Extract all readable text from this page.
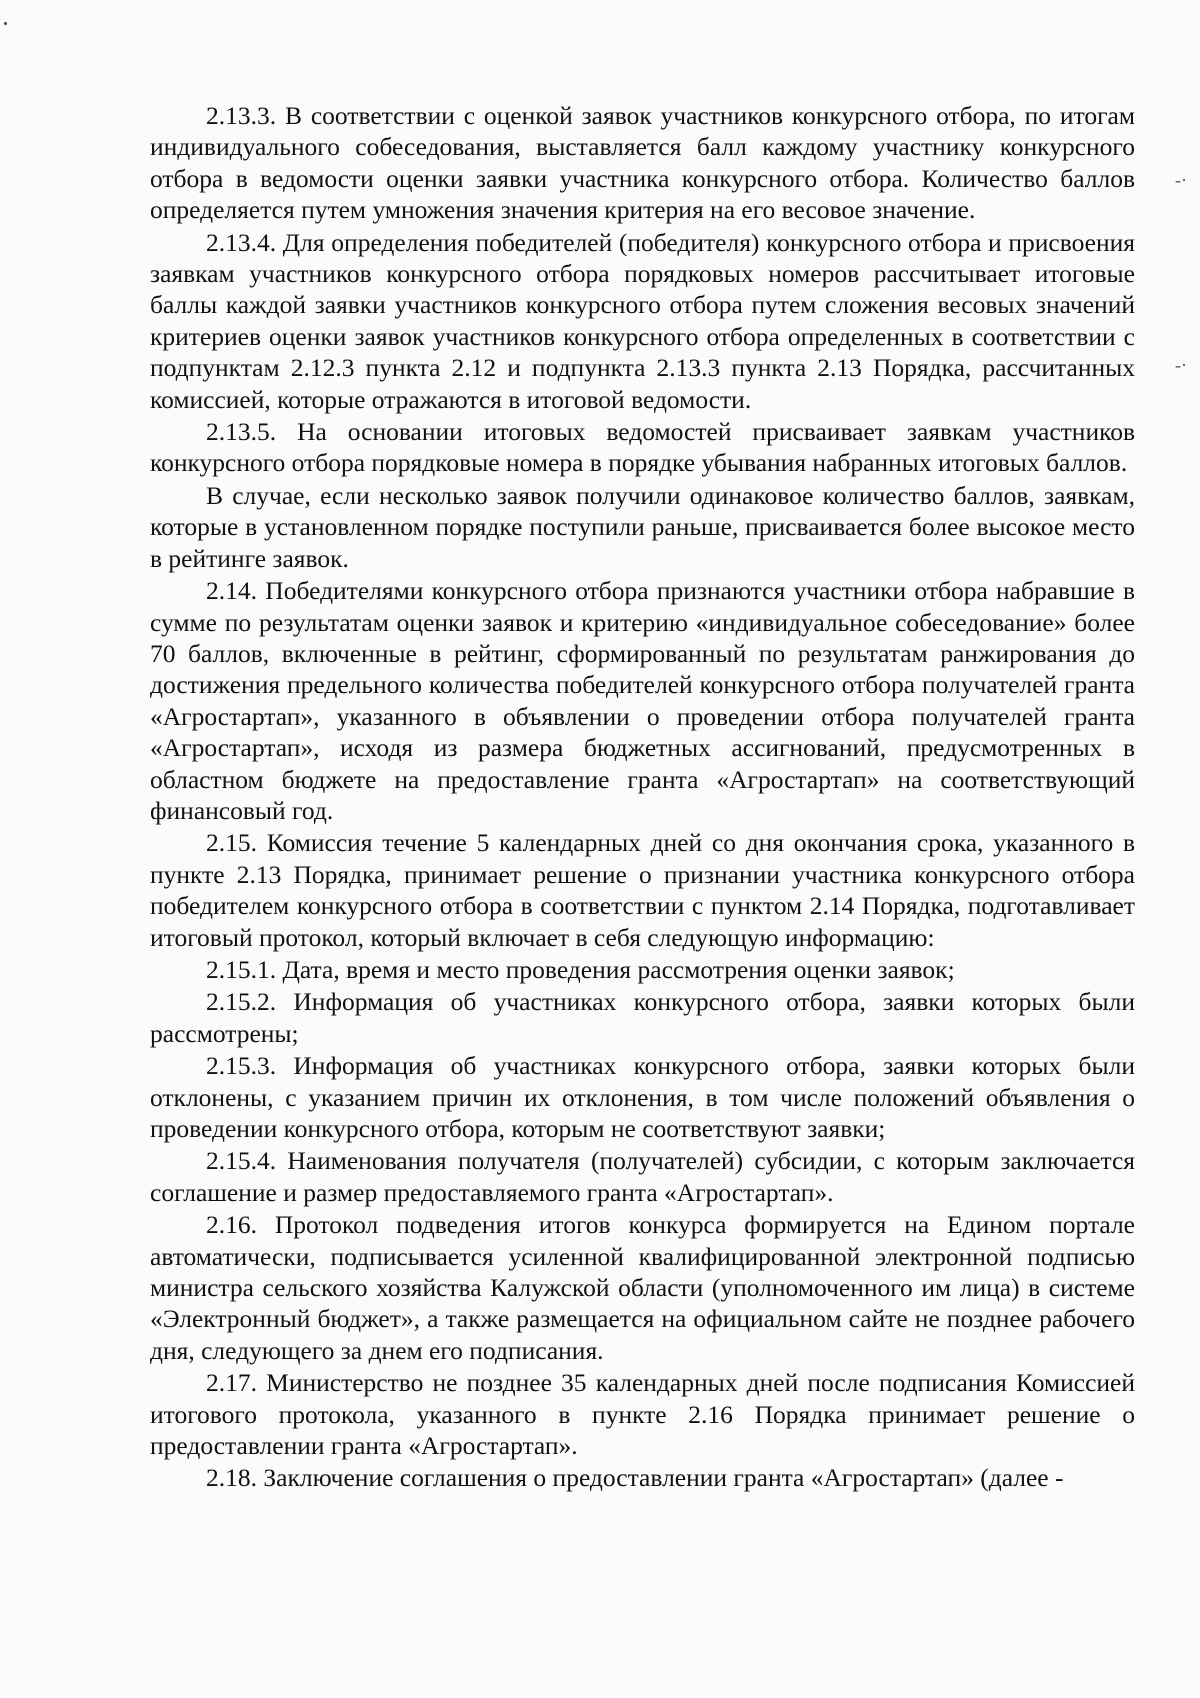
-·
-·

2.13.3. В соответствии с оценкой заявок участников конкурсного отбора, по итогам индивидуального собеседования, выставляется балл каждому участнику конкурсного отбора в ведомости оценки заявки участника конкурсного отбора. Количество баллов определяется путем умножения значения критерия на его весовое значение.

2.13.4. Для определения победителей (победителя) конкурсного отбора и присвоения заявкам участников конкурсного отбора порядковых номеров рассчитывает итоговые баллы каждой заявки участников конкурсного отбора путем сложения весовых значений критериев оценки заявок участников конкурсного отбора определенных в соответствии с подпунктам 2.12.3 пункта 2.12 и подпункта 2.13.3 пункта 2.13 Порядка, рассчитанных комиссией, которые отражаются в итоговой ведомости.

2.13.5. На основании итоговых ведомостей присваивает заявкам участников конкурсного отбора порядковые номера в порядке убывания набранных итоговых баллов.

В случае, если несколько заявок получили одинаковое количество баллов, заявкам, которые в установленном порядке поступили раньше, присваивается более высокое место в рейтинге заявок.

2.14. Победителями конкурсного отбора признаются участники отбора набравшие в сумме по результатам оценки заявок и критерию «индивидуальное собеседование» более 70 баллов, включенные в рейтинг, сформированный по результатам ранжирования до достижения предельного количества победителей конкурсного отбора получателей гранта «Агростартап», указанного в объявлении о проведении отбора получателей гранта «Агростартап», исходя из размера бюджетных ассигнований, предусмотренных в областном бюджете на предоставление гранта «Агростартап» на соответствующий финансовый год.

2.15. Комиссия течение 5 календарных дней со дня окончания срока, указанного в пункте 2.13 Порядка, принимает решение о признании участника конкурсного отбора победителем конкурсного отбора в соответствии с пунктом 2.14 Порядка, подготавливает итоговый протокол, который включает в себя следующую информацию:

2.15.1. Дата, время и место проведения рассмотрения оценки заявок;

2.15.2. Информация об участниках конкурсного отбора, заявки которых были рассмотрены;

2.15.3. Информация об участниках конкурсного отбора, заявки которых были отклонены, с указанием причин их отклонения, в том числе положений объявления о проведении конкурсного отбора, которым не соответствуют заявки;

2.15.4. Наименования получателя (получателей) субсидии, с которым заключается соглашение и размер предоставляемого гранта «Агростартап».

2.16. Протокол подведения итогов конкурса формируется на Едином портале автоматически, подписывается усиленной квалифицированной электронной подписью министра сельского хозяйства Калужской области (уполномоченного им лица) в системе «Электронный бюджет», а также размещается на официальном сайте не позднее рабочего дня, следующего за днем его подписания.

2.17. Министерство не позднее 35 календарных дней после подписания Комиссией итогового протокола, указанного в пункте 2.16 Порядка принимает решение о предоставлении гранта «Агростартап».

2.18. Заключение соглашения о предоставлении гранта «Агростартап» (далее -
